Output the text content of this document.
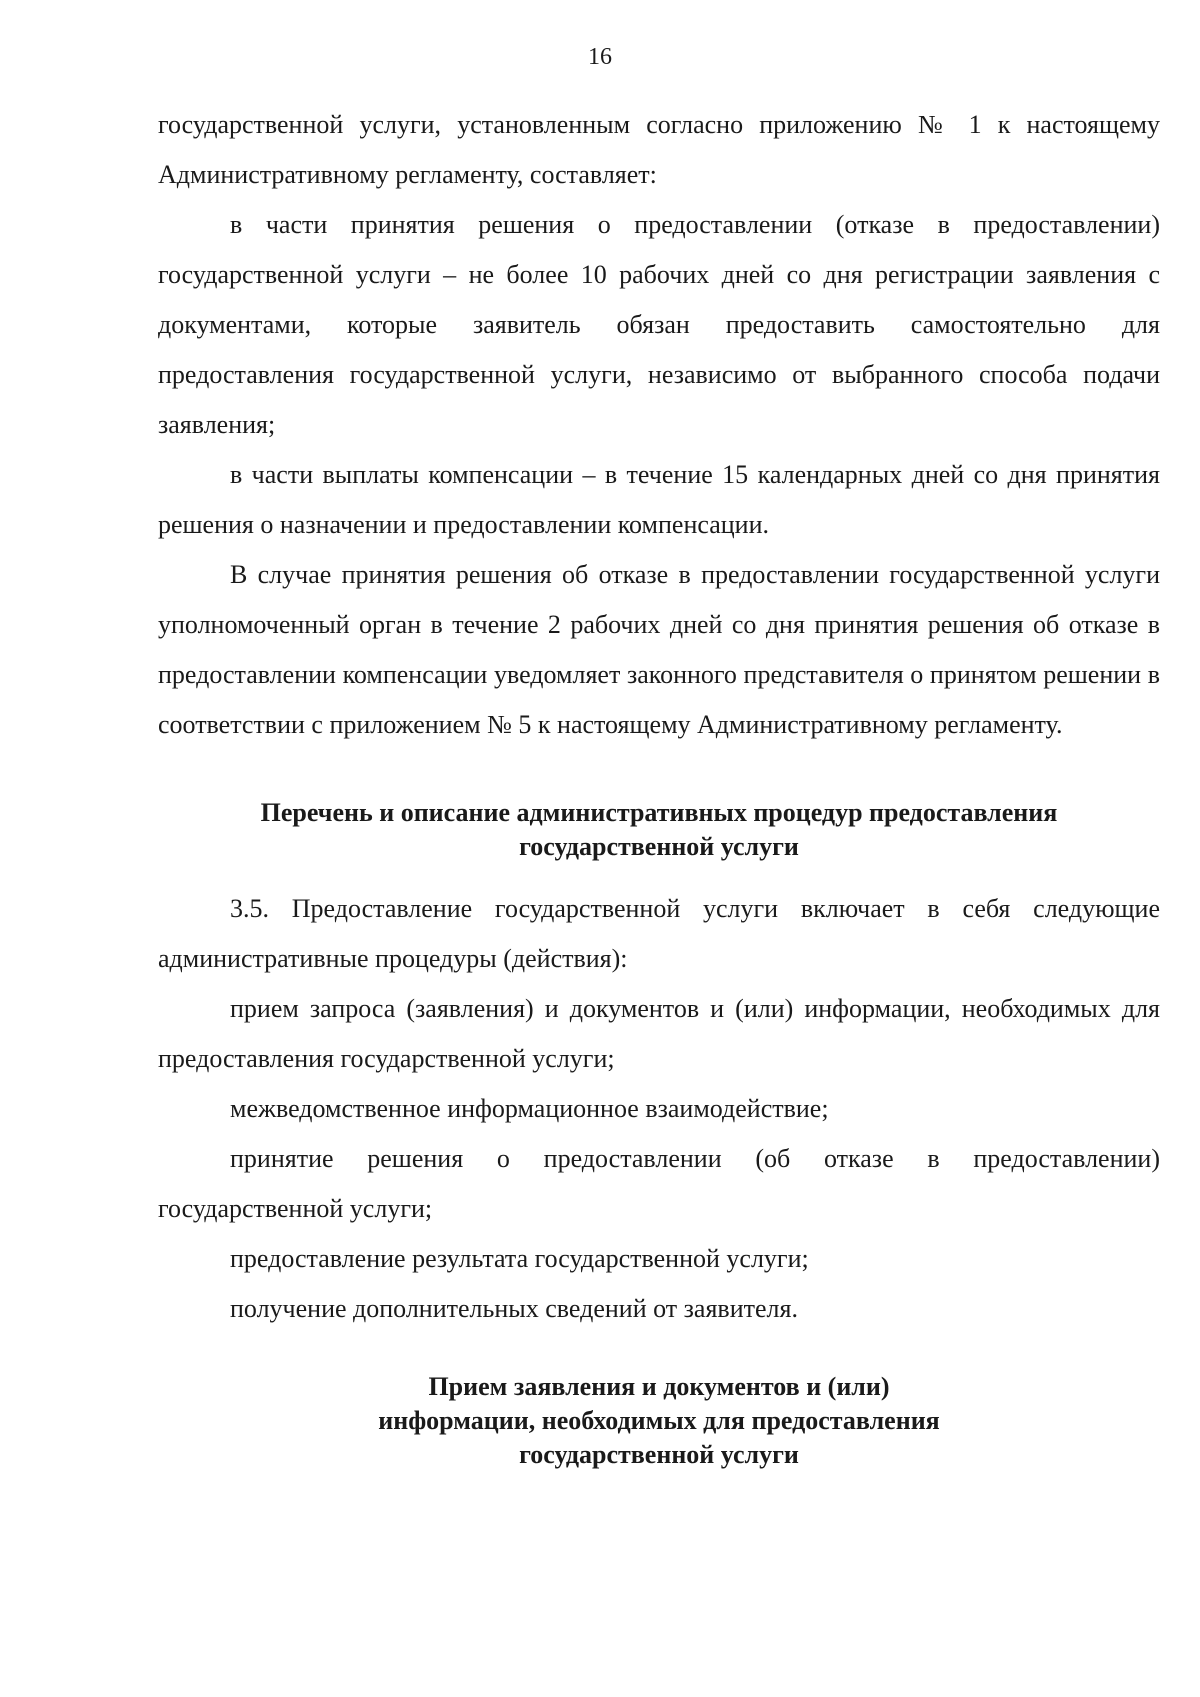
16

государственной услуги, установленным согласно приложению № 1 к настоящему Административному регламенту, составляет:

в части принятия решения о предоставлении (отказе в предоставлении) государственной услуги – не более 10 рабочих дней со дня регистрации заявления с документами, которые заявитель обязан предоставить самостоятельно для предоставления государственной услуги, независимо от выбранного способа подачи заявления;

в части выплаты компенсации – в течение 15 календарных дней со дня принятия решения о назначении и предоставлении компенсации.

В случае принятия решения об отказе в предоставлении государственной услуги уполномоченный орган в течение 2 рабочих дней со дня принятия решения об отказе в предоставлении компенсации уведомляет законного представителя о принятом решении в соответствии с приложением № 5 к настоящему Административному регламенту.

Перечень и описание административных процедур предоставления государственной услуги

3.5. Предоставление государственной услуги включает в себя следующие административные процедуры (действия):

прием запроса (заявления) и документов и (или) информации, необходимых для предоставления государственной услуги;

межведомственное информационное взаимодействие;

принятие решения о предоставлении (об отказе в предоставлении) государственной услуги;

предоставление результата государственной услуги;

получение дополнительных сведений от заявителя.

Прием заявления и документов и (или) информации, необходимых для предоставления государственной услуги
